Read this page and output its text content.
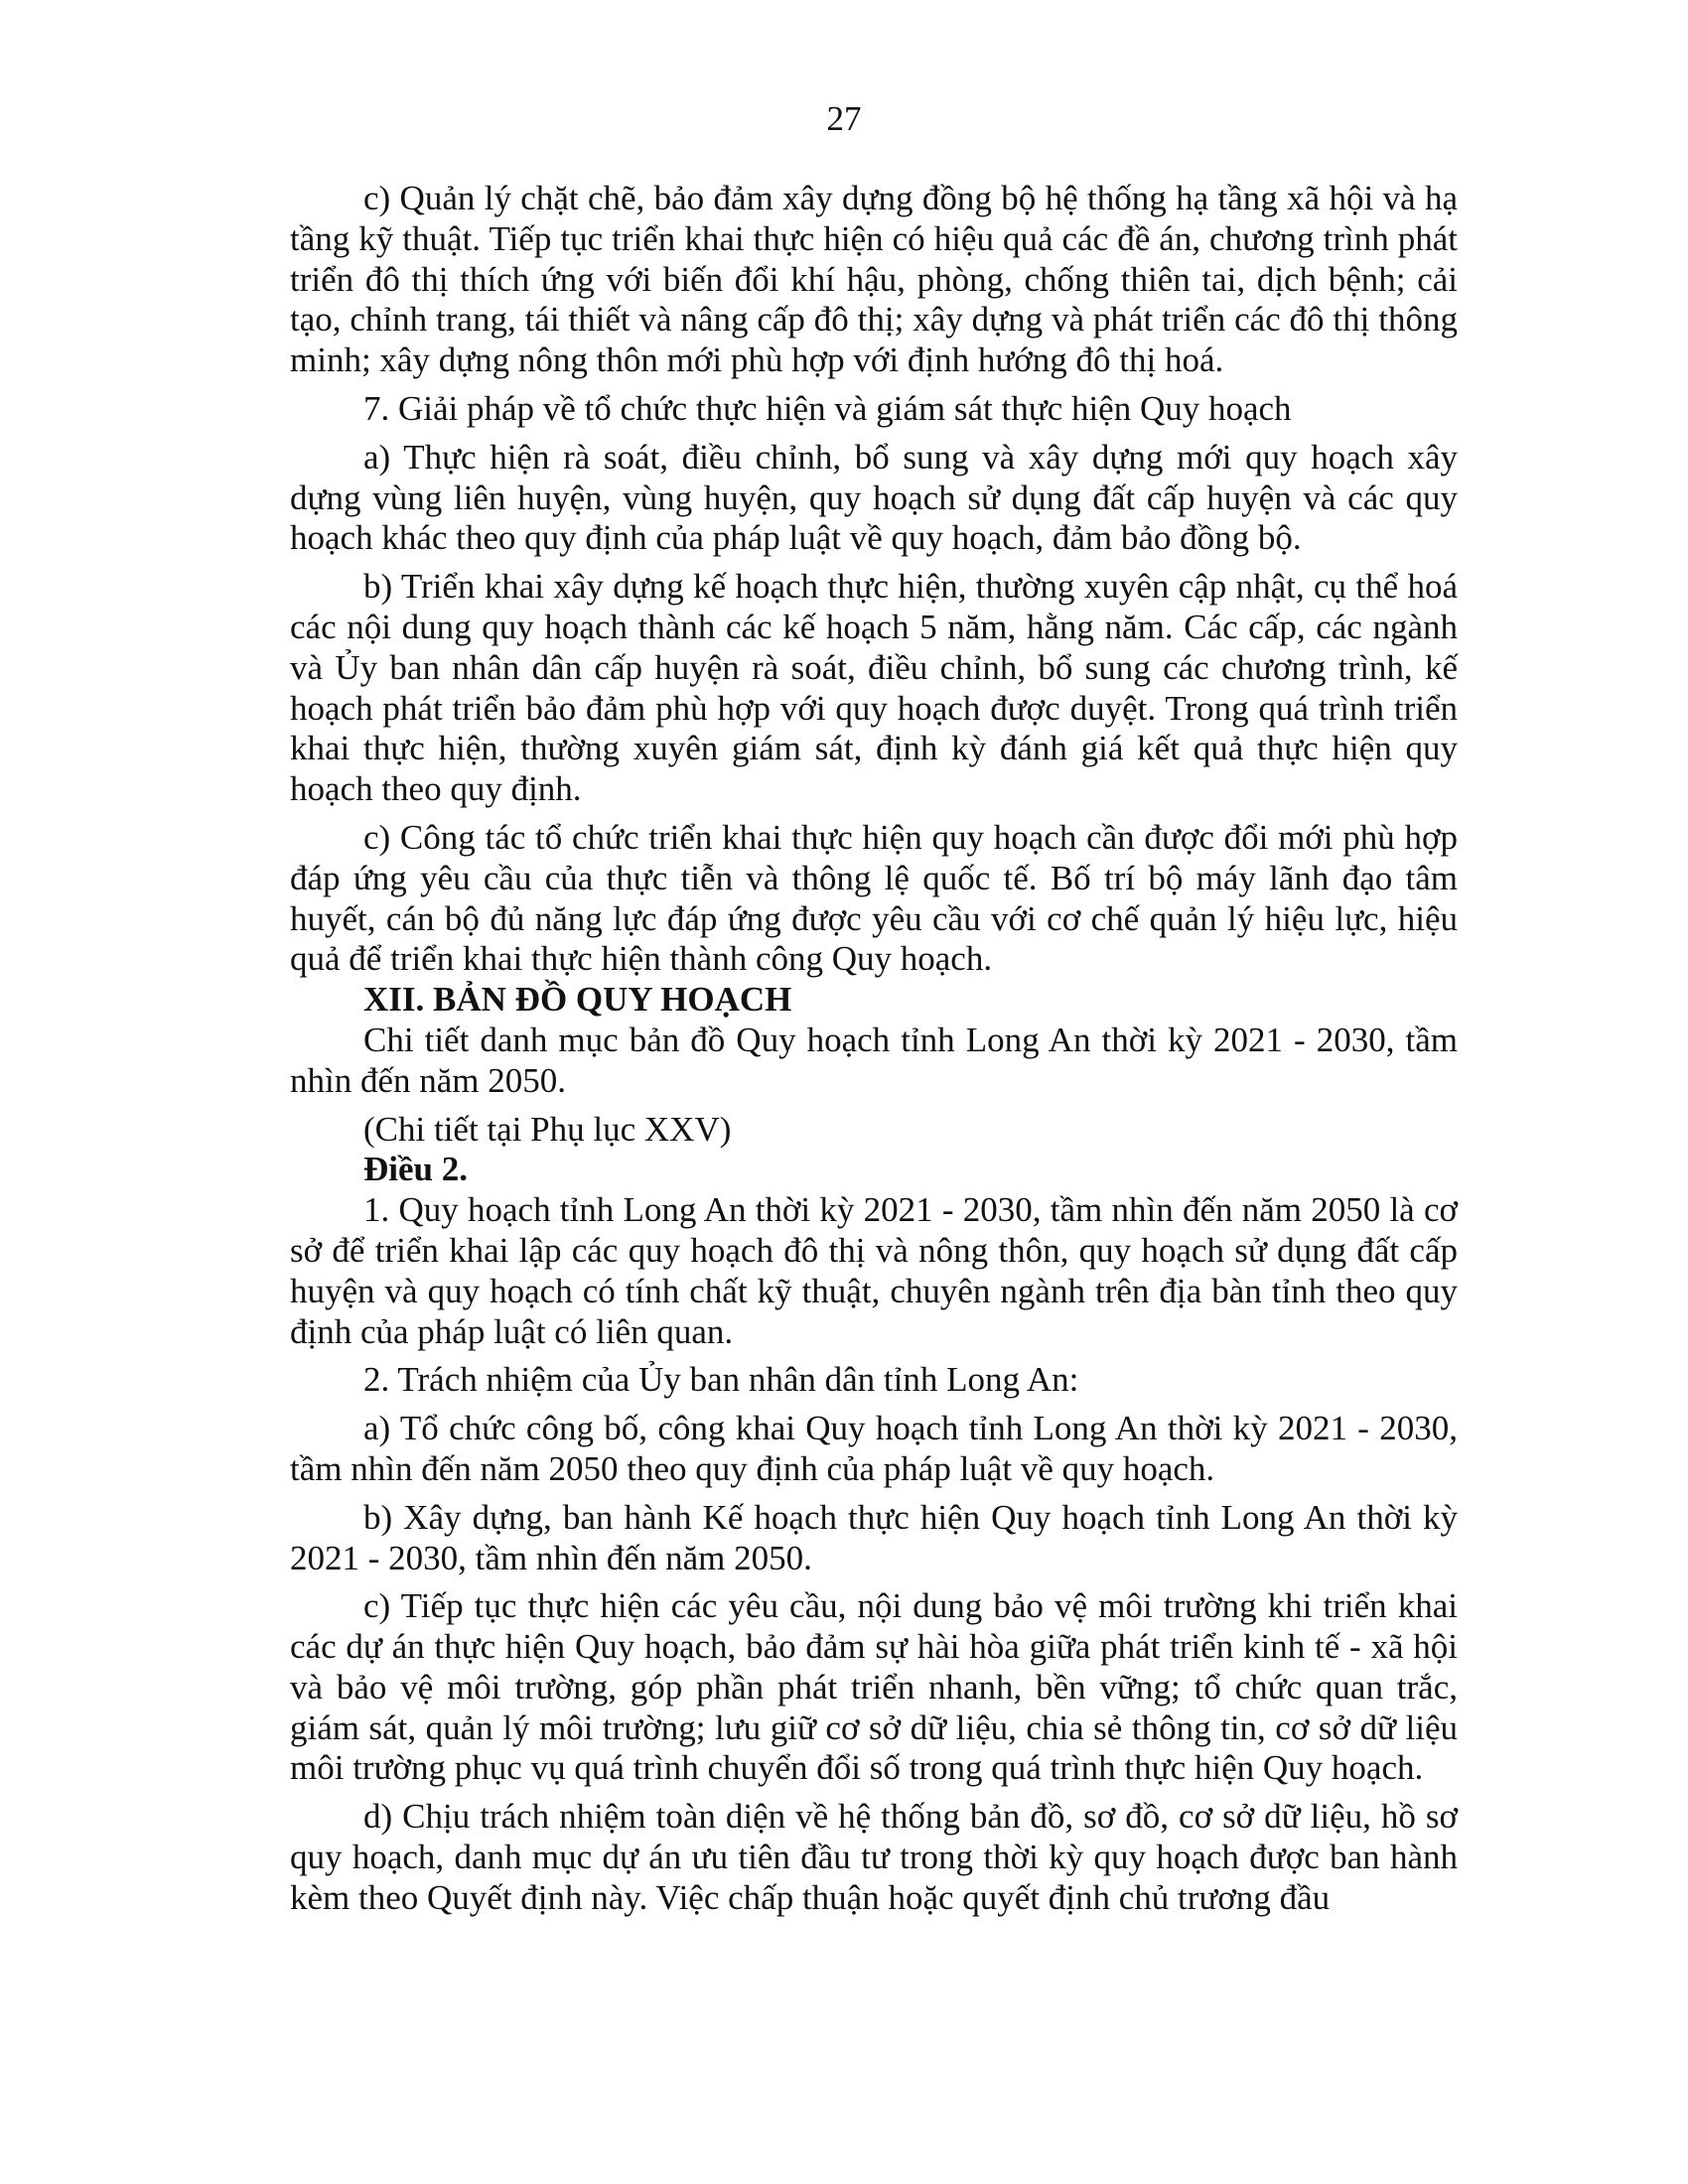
27

c) Quản lý chặt chẽ, bảo đảm xây dựng đồng bộ hệ thống hạ tầng xã hội và hạ tầng kỹ thuật. Tiếp tục triển khai thực hiện có hiệu quả các đề án, chương trình phát triển đô thị thích ứng với biến đổi khí hậu, phòng, chống thiên tai, dịch bệnh; cải tạo, chỉnh trang, tái thiết và nâng cấp đô thị; xây dựng và phát triển các đô thị thông minh; xây dựng nông thôn mới phù hợp với định hướng đô thị hoá.

7. Giải pháp về tổ chức thực hiện và giám sát thực hiện Quy hoạch

a) Thực hiện rà soát, điều chỉnh, bổ sung và xây dựng mới quy hoạch xây dựng vùng liên huyện, vùng huyện, quy hoạch sử dụng đất cấp huyện và các quy hoạch khác theo quy định của pháp luật về quy hoạch, đảm bảo đồng bộ.

b) Triển khai xây dựng kế hoạch thực hiện, thường xuyên cập nhật, cụ thể hoá các nội dung quy hoạch thành các kế hoạch 5 năm, hằng năm. Các cấp, các ngành và Ủy ban nhân dân cấp huyện rà soát, điều chỉnh, bổ sung các chương trình, kế hoạch phát triển bảo đảm phù hợp với quy hoạch được duyệt. Trong quá trình triển khai thực hiện, thường xuyên giám sát, định kỳ đánh giá kết quả thực hiện quy hoạch theo quy định.

c) Công tác tổ chức triển khai thực hiện quy hoạch cần được đổi mới phù hợp đáp ứng yêu cầu của thực tiễn và thông lệ quốc tế. Bố trí bộ máy lãnh đạo tâm huyết, cán bộ đủ năng lực đáp ứng được yêu cầu với cơ chế quản lý hiệu lực, hiệu quả để triển khai thực hiện thành công Quy hoạch.

XII. BẢN ĐỒ QUY HOẠCH

Chi tiết danh mục bản đồ Quy hoạch tỉnh Long An thời kỳ 2021 - 2030, tầm nhìn đến năm 2050.

(Chi tiết tại Phụ lục XXV)

Điều 2.

1. Quy hoạch tỉnh Long An thời kỳ 2021 - 2030, tầm nhìn đến năm 2050 là cơ sở để triển khai lập các quy hoạch đô thị và nông thôn, quy hoạch sử dụng đất cấp huyện và quy hoạch có tính chất kỹ thuật, chuyên ngành trên địa bàn tỉnh theo quy định của pháp luật có liên quan.

2. Trách nhiệm của Ủy ban nhân dân tỉnh Long An:

a) Tổ chức công bố, công khai Quy hoạch tỉnh Long An thời kỳ 2021 - 2030, tầm nhìn đến năm 2050 theo quy định của pháp luật về quy hoạch.

b) Xây dựng, ban hành Kế hoạch thực hiện Quy hoạch tỉnh Long An thời kỳ 2021 - 2030, tầm nhìn đến năm 2050.

c) Tiếp tục thực hiện các yêu cầu, nội dung bảo vệ môi trường khi triển khai các dự án thực hiện Quy hoạch, bảo đảm sự hài hòa giữa phát triển kinh tế - xã hội và bảo vệ môi trường, góp phần phát triển nhanh, bền vững; tổ chức quan trắc, giám sát, quản lý môi trường; lưu giữ cơ sở dữ liệu, chia sẻ thông tin, cơ sở dữ liệu môi trường phục vụ quá trình chuyển đổi số trong quá trình thực hiện Quy hoạch.

d) Chịu trách nhiệm toàn diện về hệ thống bản đồ, sơ đồ, cơ sở dữ liệu, hồ sơ quy hoạch, danh mục dự án ưu tiên đầu tư trong thời kỳ quy hoạch được ban hành kèm theo Quyết định này. Việc chấp thuận hoặc quyết định chủ trương đầu
